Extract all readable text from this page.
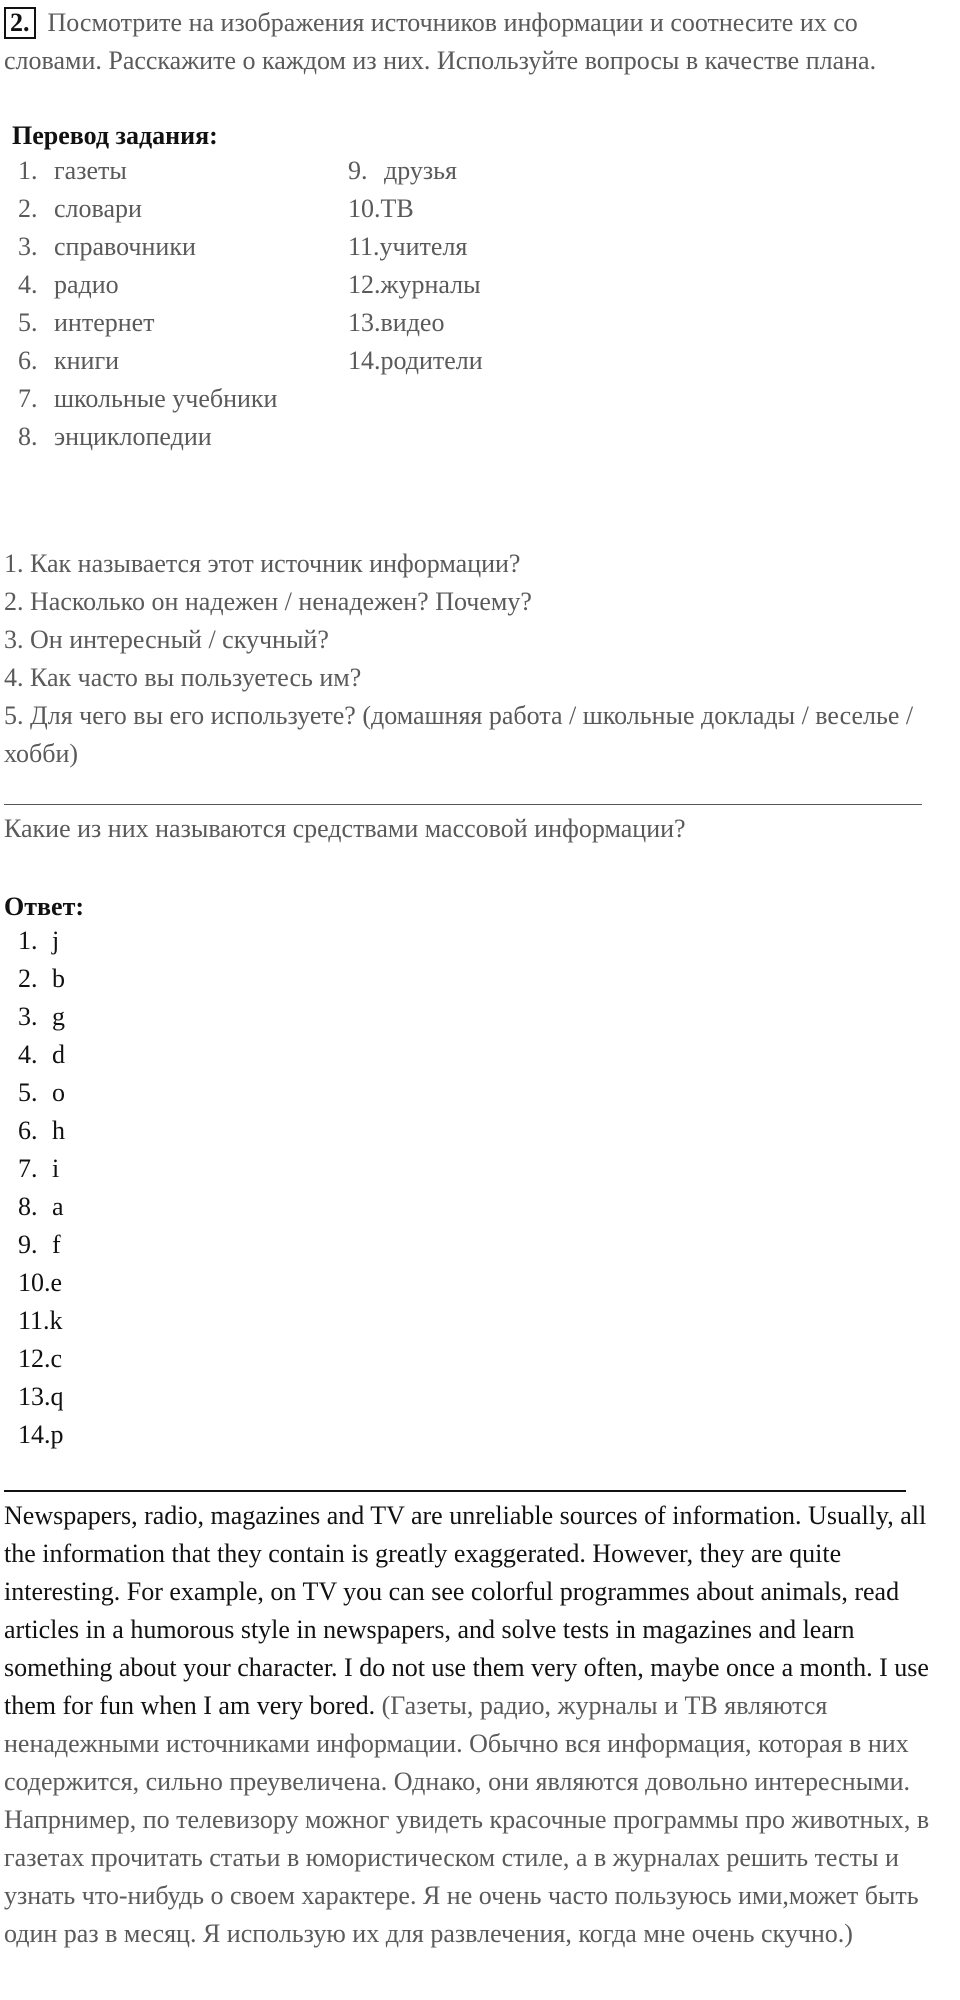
2. Посмотрите на изображения источников информации и соотнесите их со словами. Расскажите о каждом из них. Используйте вопросы в качестве плана.
Перевод задания:
1. газеты
2. словари
3. справочники
4. радио
5. интернет
6. книги
7. школьные учебники
8. энциклопедии
9. друзья
10.ТВ
11.учителя
12.журналы
13.видео
14.родители
1. Как называется этот источник информации?
2. Насколько он надежен / ненадежен? Почему?
3. Он интересный / скучный?
4. Как часто вы пользуетесь им?
5. Для чего вы его используете? (домашняя работа / школьные доклады / веселье / хобби)
Какие из них называются средствами массовой информации?
Ответ:
1. j
2. b
3. g
4. d
5. o
6. h
7. i
8. a
9. f
10.e
11.k
12.c
13.q
14.p
Newspapers, radio, magazines and TV are unreliable sources of information. Usually, all the information that they contain is greatly exaggerated. However, they are quite interesting. For example, on TV you can see colorful programmes about animals, read articles in a humorous style in newspapers, and solve tests in magazines and learn something about your character. I do not use them very often, maybe once a month. I use them for fun when I am very bored. (Газеты, радио, журналы и ТВ являются ненадежными источниками информации. Обычно вся информация, которая в них содержится, сильно преувеличена. Однако, они являются довольно интересными. Напрнимер, по телевизору можног увидеть красочные программы про животных, в газетах прочитать статьи в юмористическом стиле, а в журналах решить тесты и узнать что-нибудь о своем характере. Я не очень часто пользуюсь ими,может быть один раз в месяц. Я использую их для развлечения, когда мне очень скучно.)
